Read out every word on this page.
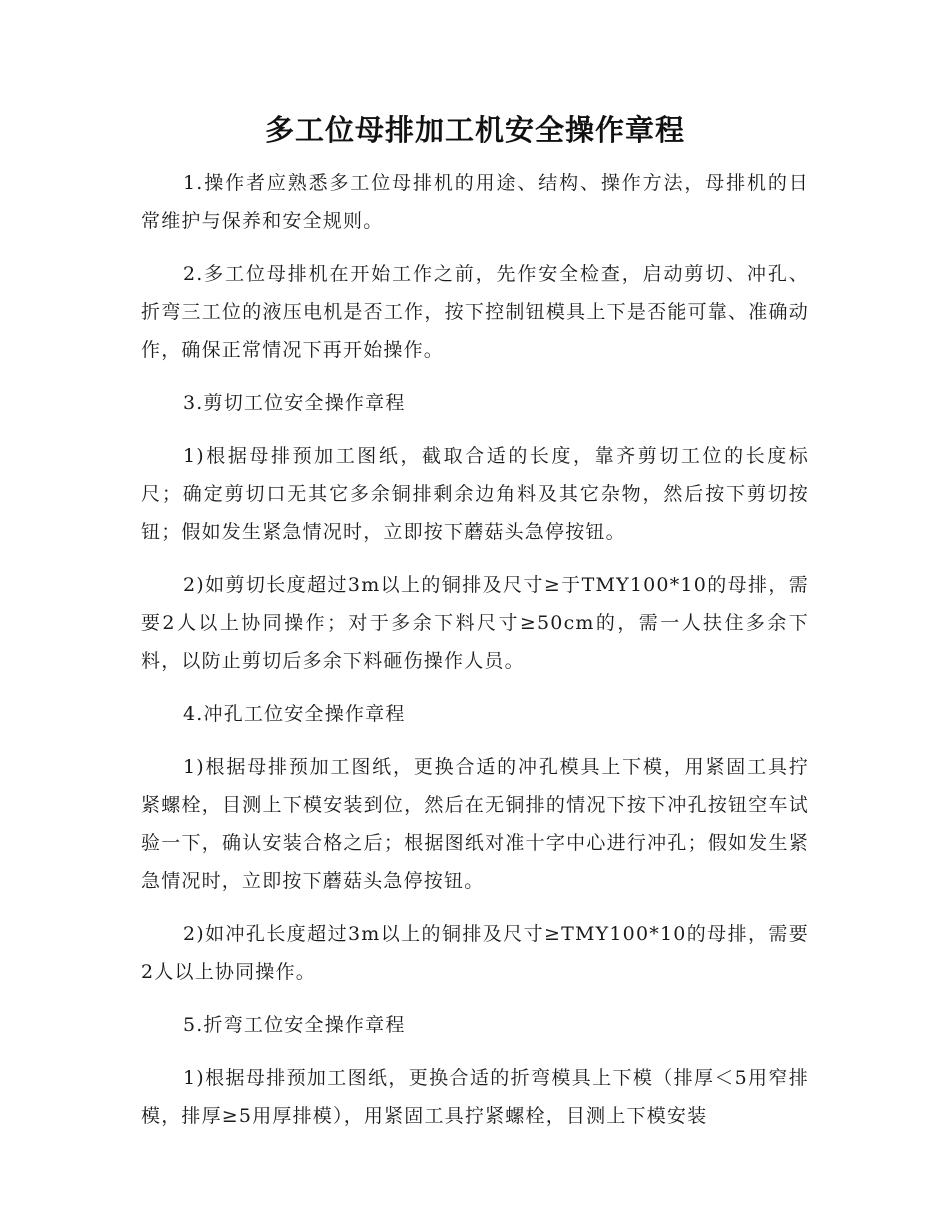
多工位母排加工机安全操作章程

1.操作者应熟悉多工位母排机的用途、结构、操作方法，母排机的日常维护与保养和安全规则。

2.多工位母排机在开始工作之前，先作安全检查，启动剪切、冲孔、折弯三工位的液压电机是否工作，按下控制钮模具上下是否能可靠、准确动作，确保正常情况下再开始操作。

3.剪切工位安全操作章程

1)根据母排预加工图纸，截取合适的长度，靠齐剪切工位的长度标尺；确定剪切口无其它多余铜排剩余边角料及其它杂物，然后按下剪切按钮；假如发生紧急情况时，立即按下蘑菇头急停按钮。

2)如剪切长度超过3m以上的铜排及尺寸≥于TMY100*10的母排，需要2人以上协同操作；对于多余下料尺寸≥50cm的，需一人扶住多余下料，以防止剪切后多余下料砸伤操作人员。

4.冲孔工位安全操作章程

1)根据母排预加工图纸，更换合适的冲孔模具上下模，用紧固工具拧紧螺栓，目测上下模安装到位，然后在无铜排的情况下按下冲孔按钮空车试验一下，确认安装合格之后；根据图纸对准十字中心进行冲孔；假如发生紧急情况时，立即按下蘑菇头急停按钮。

2)如冲孔长度超过3m以上的铜排及尺寸≥TMY100*10的母排，需要2人以上协同操作。

5.折弯工位安全操作章程

1)根据母排预加工图纸，更换合适的折弯模具上下模（排厚＜5用窄排模，排厚≥5用厚排模），用紧固工具拧紧螺栓，目测上下模安装
